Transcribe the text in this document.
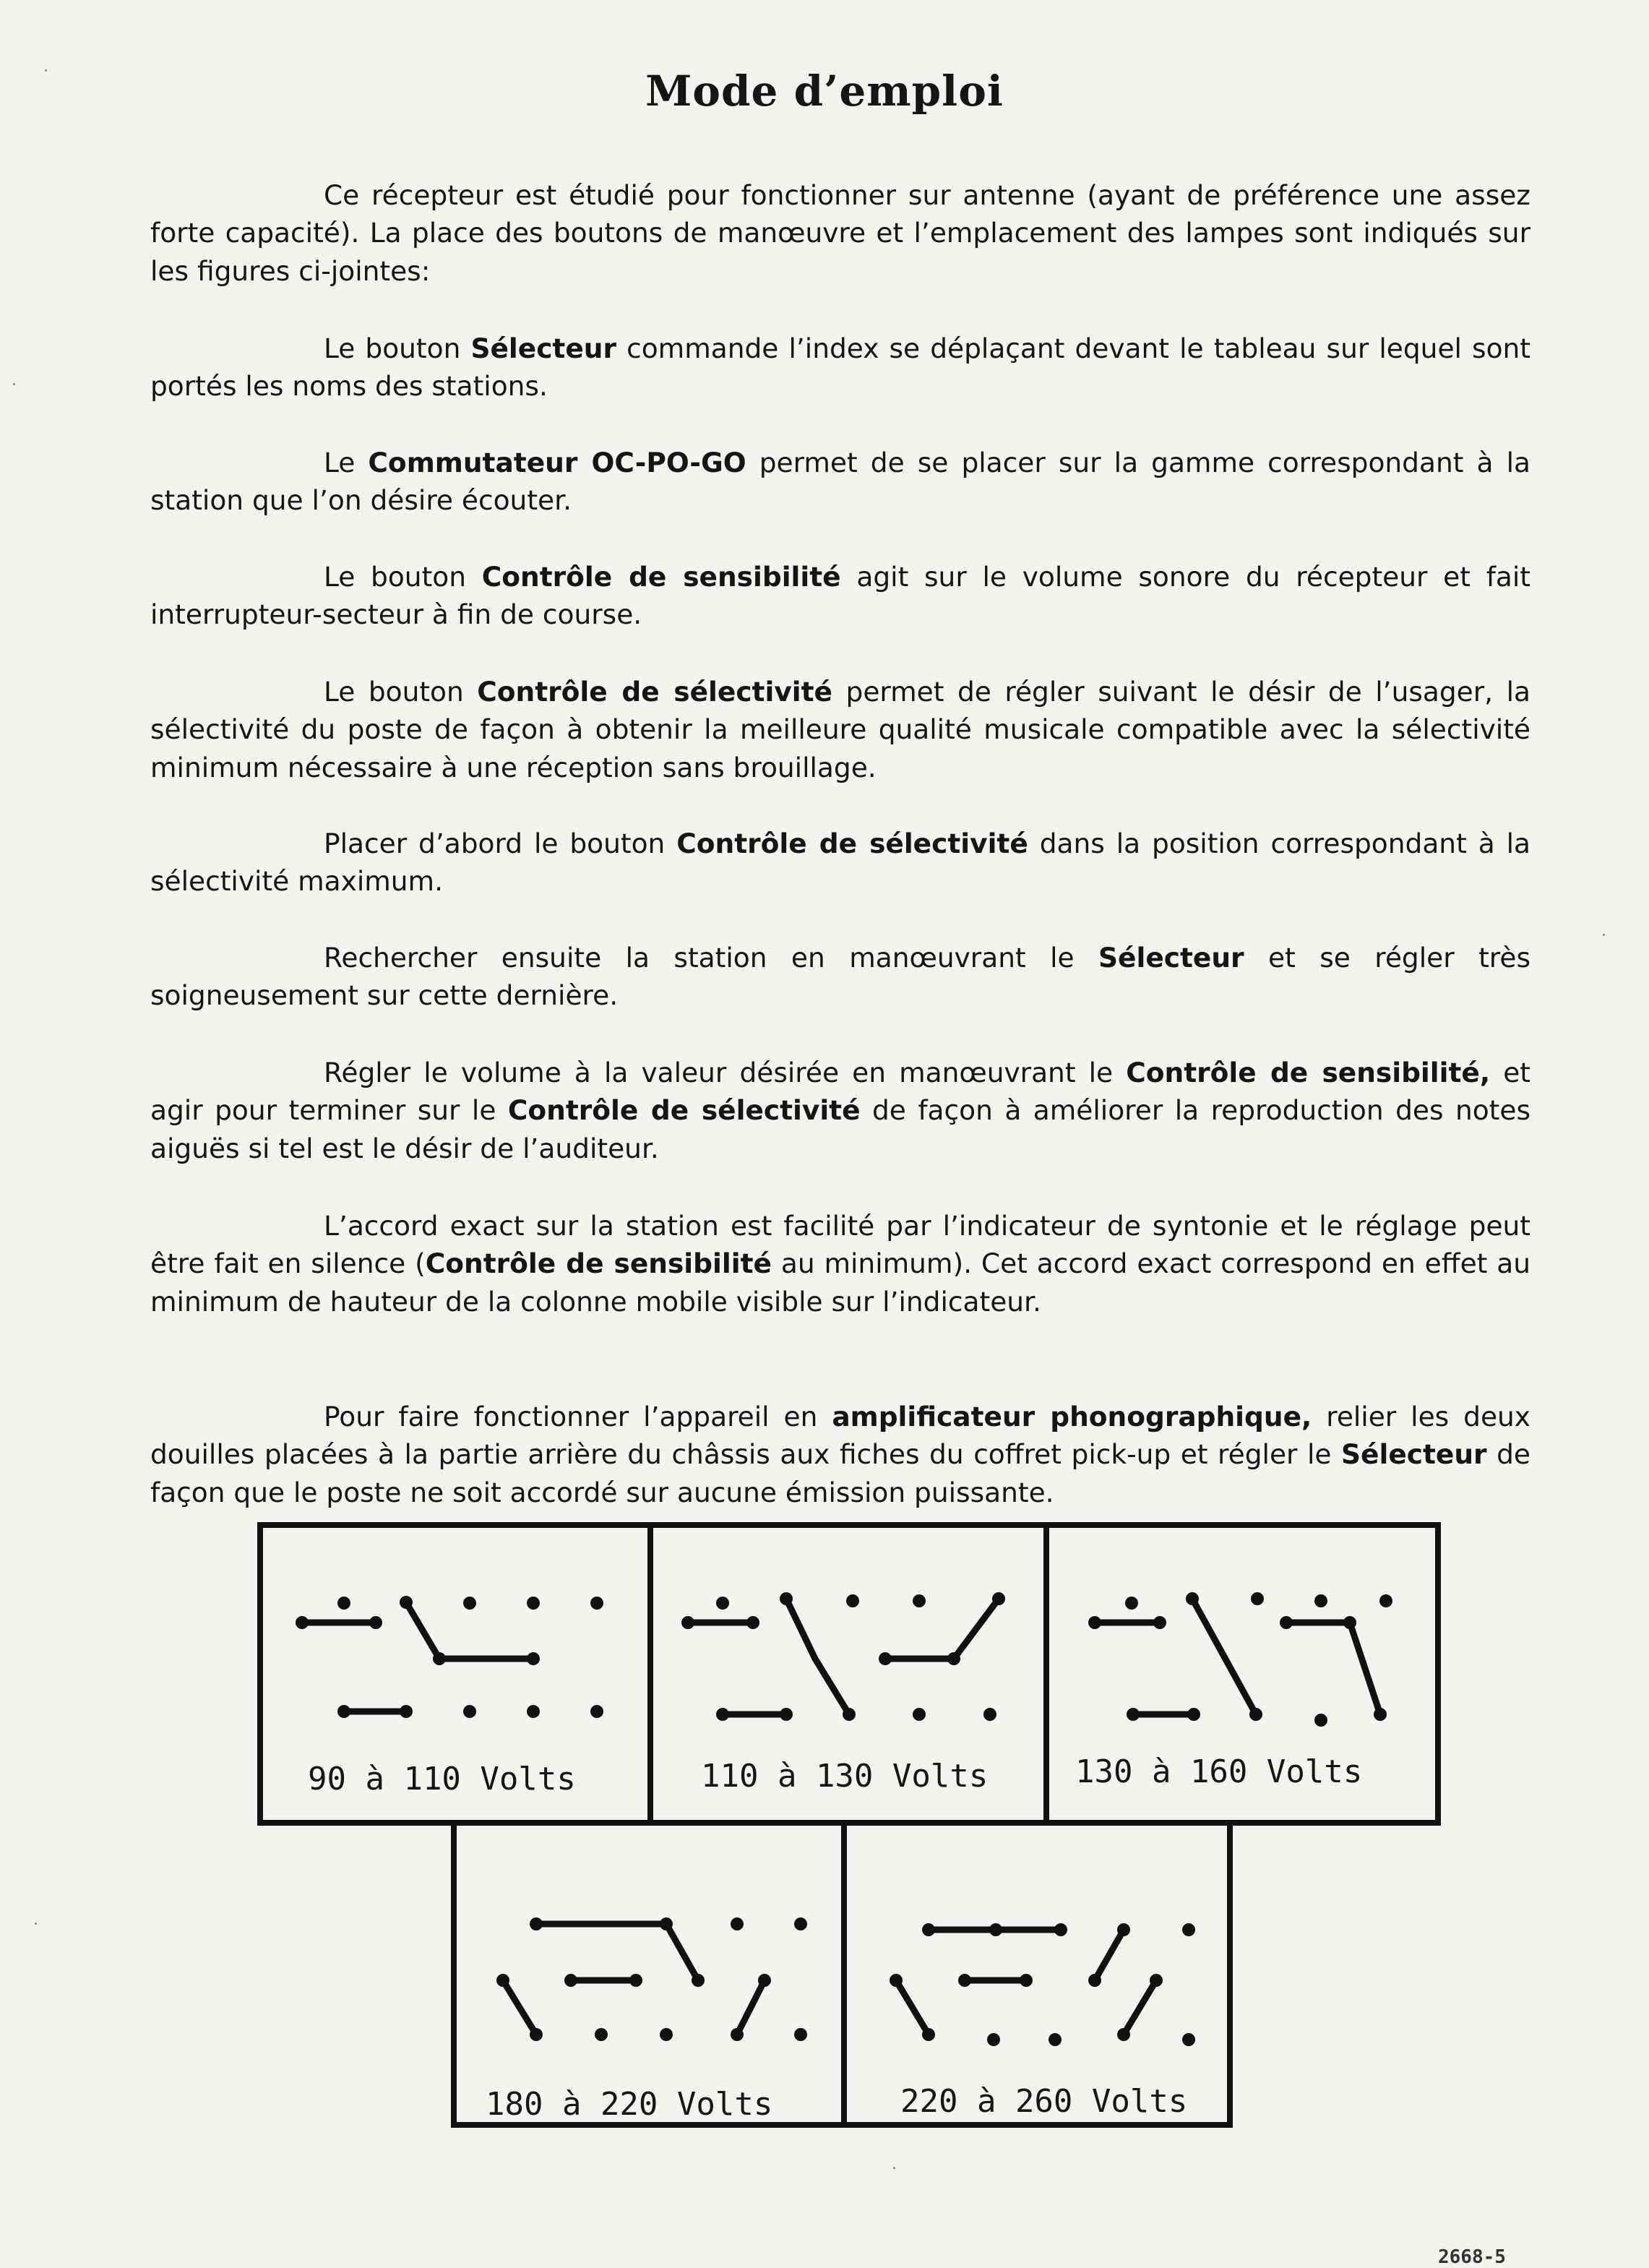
Mode d’emploi

Ce récepteur est étudié pour fonctionner sur antenne (ayant de préférence une assez forte capacité). La place des boutons de manœuvre et l’emplacement des lampes sont indiqués sur les figures ci-jointes:

Le bouton Sélecteur commande l’index se déplaçant devant le tableau sur lequel sont portés les noms des stations.

Le Commutateur OC-PO-GO permet de se placer sur la gamme correspondant à la station que l’on désire écouter.

Le bouton Contrôle de sensibilité agit sur le volume sonore du récepteur et fait interrupteur-secteur à fin de course.

Le bouton Contrôle de sélectivité permet de régler suivant le désir de l’usager, la sélectivité du poste de façon à obtenir la meilleure qualité musicale compatible avec la sélectivité minimum nécessaire à une réception sans brouillage.

Placer d’abord le bouton Contrôle de sélectivité dans la position correspondant à la sélectivité maximum.

Rechercher ensuite la station en manœuvrant le Sélecteur et se régler très soigneusement sur cette dernière.

Régler le volume à la valeur désirée en manœuvrant le Contrôle de sensibilité, et agir pour terminer sur le Contrôle de sélectivité de façon à améliorer la reproduction des notes aiguës si tel est le désir de l’auditeur.

L’accord exact sur la station est facilité par l’indicateur de syntonie et le réglage peut être fait en silence (Contrôle de sensibilité au minimum). Cet accord exact correspond en effet au minimum de hauteur de la colonne mobile visible sur l’indicateur.

Pour faire fonctionner l’appareil en amplificateur phonographique, relier les deux douilles placées à la partie arrière du châssis aux fiches du coffret pick-up et régler le Sélecteur de façon que le poste ne soit accordé sur aucune émission puissante.

90 à 110 Volts	110 à 130 Volts	130 à 160 Volts
180 à 220 Volts	220 à 260 Volts
2668-5
